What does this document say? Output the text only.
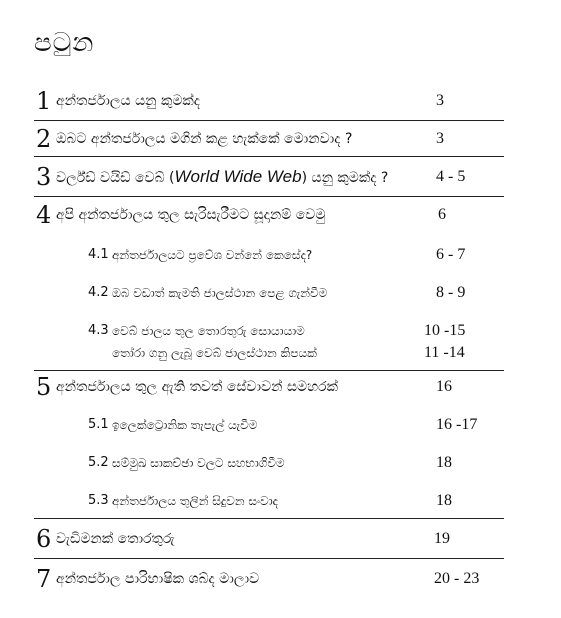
පටුන
1 අන්තර්ජාලය යනු කුමක්ද	3
2 ඔබට අන්තර්ජාලය මගින් කළ හැක්කේ මොනවාද ?	3
3 වර්ල්ඩ් වයිඩ් වෙබ් (World Wide Web) යනු කුමක්ද ?	4 - 5
4 අපි අන්තර්ජාලය තුල සැරිසැරීමට සූදානම් වෙමු	6
4.1 අන්තර්ජාලයට ප්‍රවේශ වන්නේ කෙසේද?	6 - 7
4.2 ඔබ වඩාත් කැමති ජාලස්ථාන පෙළ ගැන්වීම	8 - 9
4.3 වෙබ් ජාලය තුල තොරතුරු සොයායාම	10 -15
තෝරා ගනු ලැබූ වෙබ් ජාලස්ථාන කිපයක්	11 -14
5 අන්තර්ජාලය තුල ඇති තවත් සේවාවන් සමහරක්	16
5.1 ඉලෙක්ට්‍රොනික තැපැල් යැවීම	16 -17
5.2 සම්මුඛ සාකච්ඡා වලට සහභාගිවීම	18
5.3 අන්තර්ජාලය තුලින් සිදුවන සංවාද	18
6 වැඩිමනක් තොරතුරු	19
7 අන්තර්ජාල පාරිභාෂික ශබ්ද මාලාව	20 - 23
